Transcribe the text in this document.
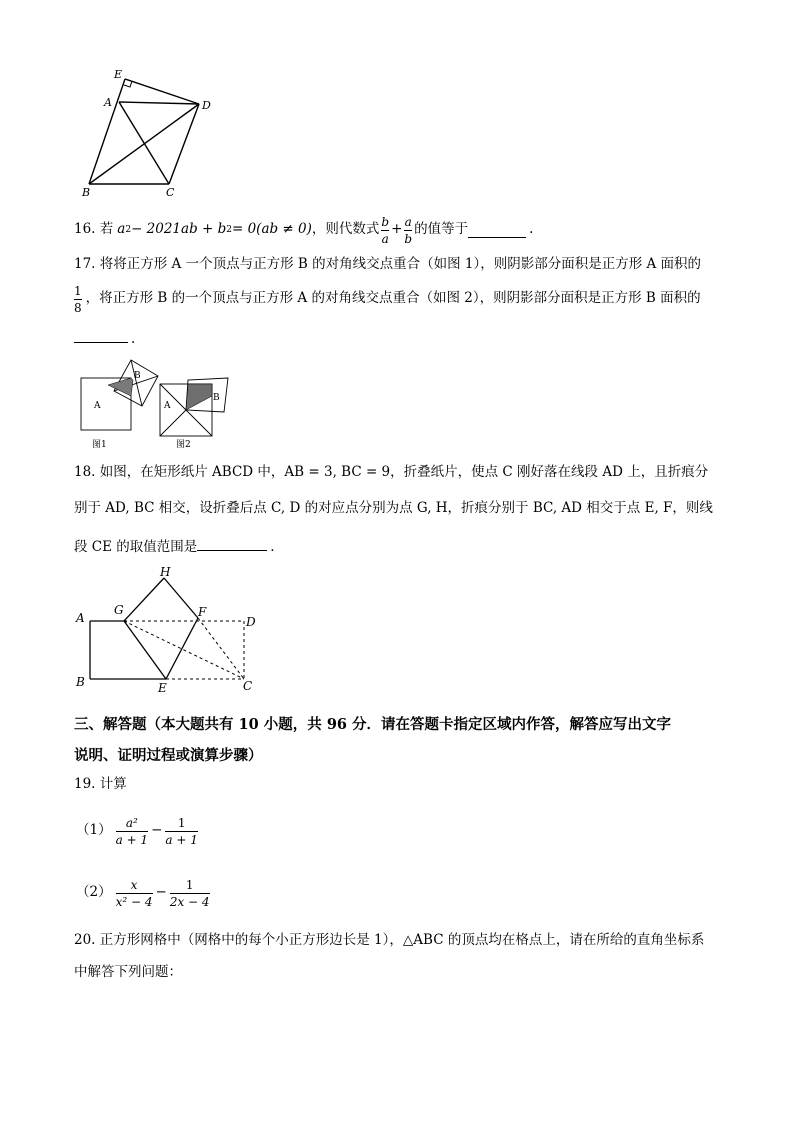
E
A	D
B	C
16. 若 a 2 − 2021ab + b 2 = 0(ab ≠ 0) ，则代数式 $\frac{b}{a} + \frac{a}{b}$ 的值等于	.
17. 将将正方形 A 一个顶点与正方形 B 的对角线交点重合（如图 1），则阴影部分面积是正方形 A 面积的
$\frac{1}{8}$ ，将正方形 B 的一个顶点与正方形 A 的对角线交点重合（如图 2），则阴影部分面积是正方形 B 面积的
.
A
B
图1
A
B
图2
18. 如图，在矩形纸片 ABCD 中，AB = 3, BC = 9，折叠纸片，使点 C 刚好落在线段 AD 上，且折痕分
别于 AD, BC 相交，设折叠后点 C, D 的对应点分别为点 G, H，折痕分别于 BC, AD 相交于点 E, F，则线
段 CE 的取值范围是	.
H
A
G	F
D
B	E	C
三、解答题（本大题共有 10 小题，共 96 分．请在答题卡指定区域内作答，解答应写出文字
说明、证明过程或演算步骤）
19. 计算
$(1) \frac{\text{a²}}{a + 1} - \frac{1}{a + 1}$
$(2) \frac{x}{\text{x² − 4}} - \frac{1}{2x - 4}$
20. 正方形网格中（网格中的每个小正方形边长是 1），△ABC 的顶点均在格点上，请在所给的直角坐标系
中解答下列问题：
